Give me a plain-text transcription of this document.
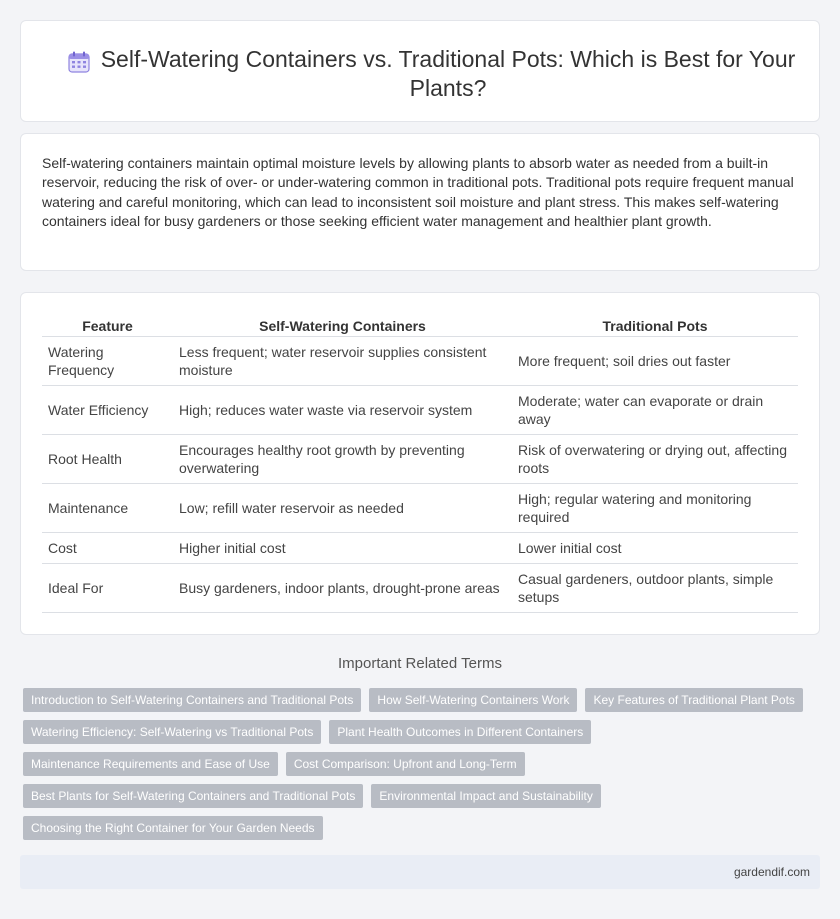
Self-Watering Containers vs. Traditional Pots: Which is Best for Your Plants?

Self-watering containers maintain optimal moisture levels by allowing plants to absorb water as needed from a built-in reservoir, reducing the risk of over- or under-watering common in traditional pots. Traditional pots require frequent manual watering and careful monitoring, which can lead to inconsistent soil moisture and plant stress. This makes self-watering containers ideal for busy gardeners or those seeking efficient water management and healthier plant growth.

Feature	Self-Watering Containers	Traditional Pots
Watering Frequency	Less frequent; water reservoir supplies consistent moisture	More frequent; soil dries out faster
Water Efficiency	High; reduces water waste via reservoir system	Moderate; water can evaporate or drain away
Root Health	Encourages healthy root growth by preventing overwatering	Risk of overwatering or drying out, affecting roots
Maintenance	Low; refill water reservoir as needed	High; regular watering and monitoring required
Cost	Higher initial cost	Lower initial cost
Ideal For	Busy gardeners, indoor plants, drought-prone areas	Casual gardeners, outdoor plants, simple setups
Important Related Terms
Introduction to Self-Watering Containers and Traditional Pots	How Self-Watering Containers Work	Key Features of Traditional Plant Pots
Watering Efficiency: Self-Watering vs Traditional Pots	Plant Health Outcomes in Different Containers
Maintenance Requirements and Ease of Use	Cost Comparison: Upfront and Long-Term
Best Plants for Self-Watering Containers and Traditional Pots	Environmental Impact and Sustainability
Choosing the Right Container for Your Garden Needs
gardendif.com
